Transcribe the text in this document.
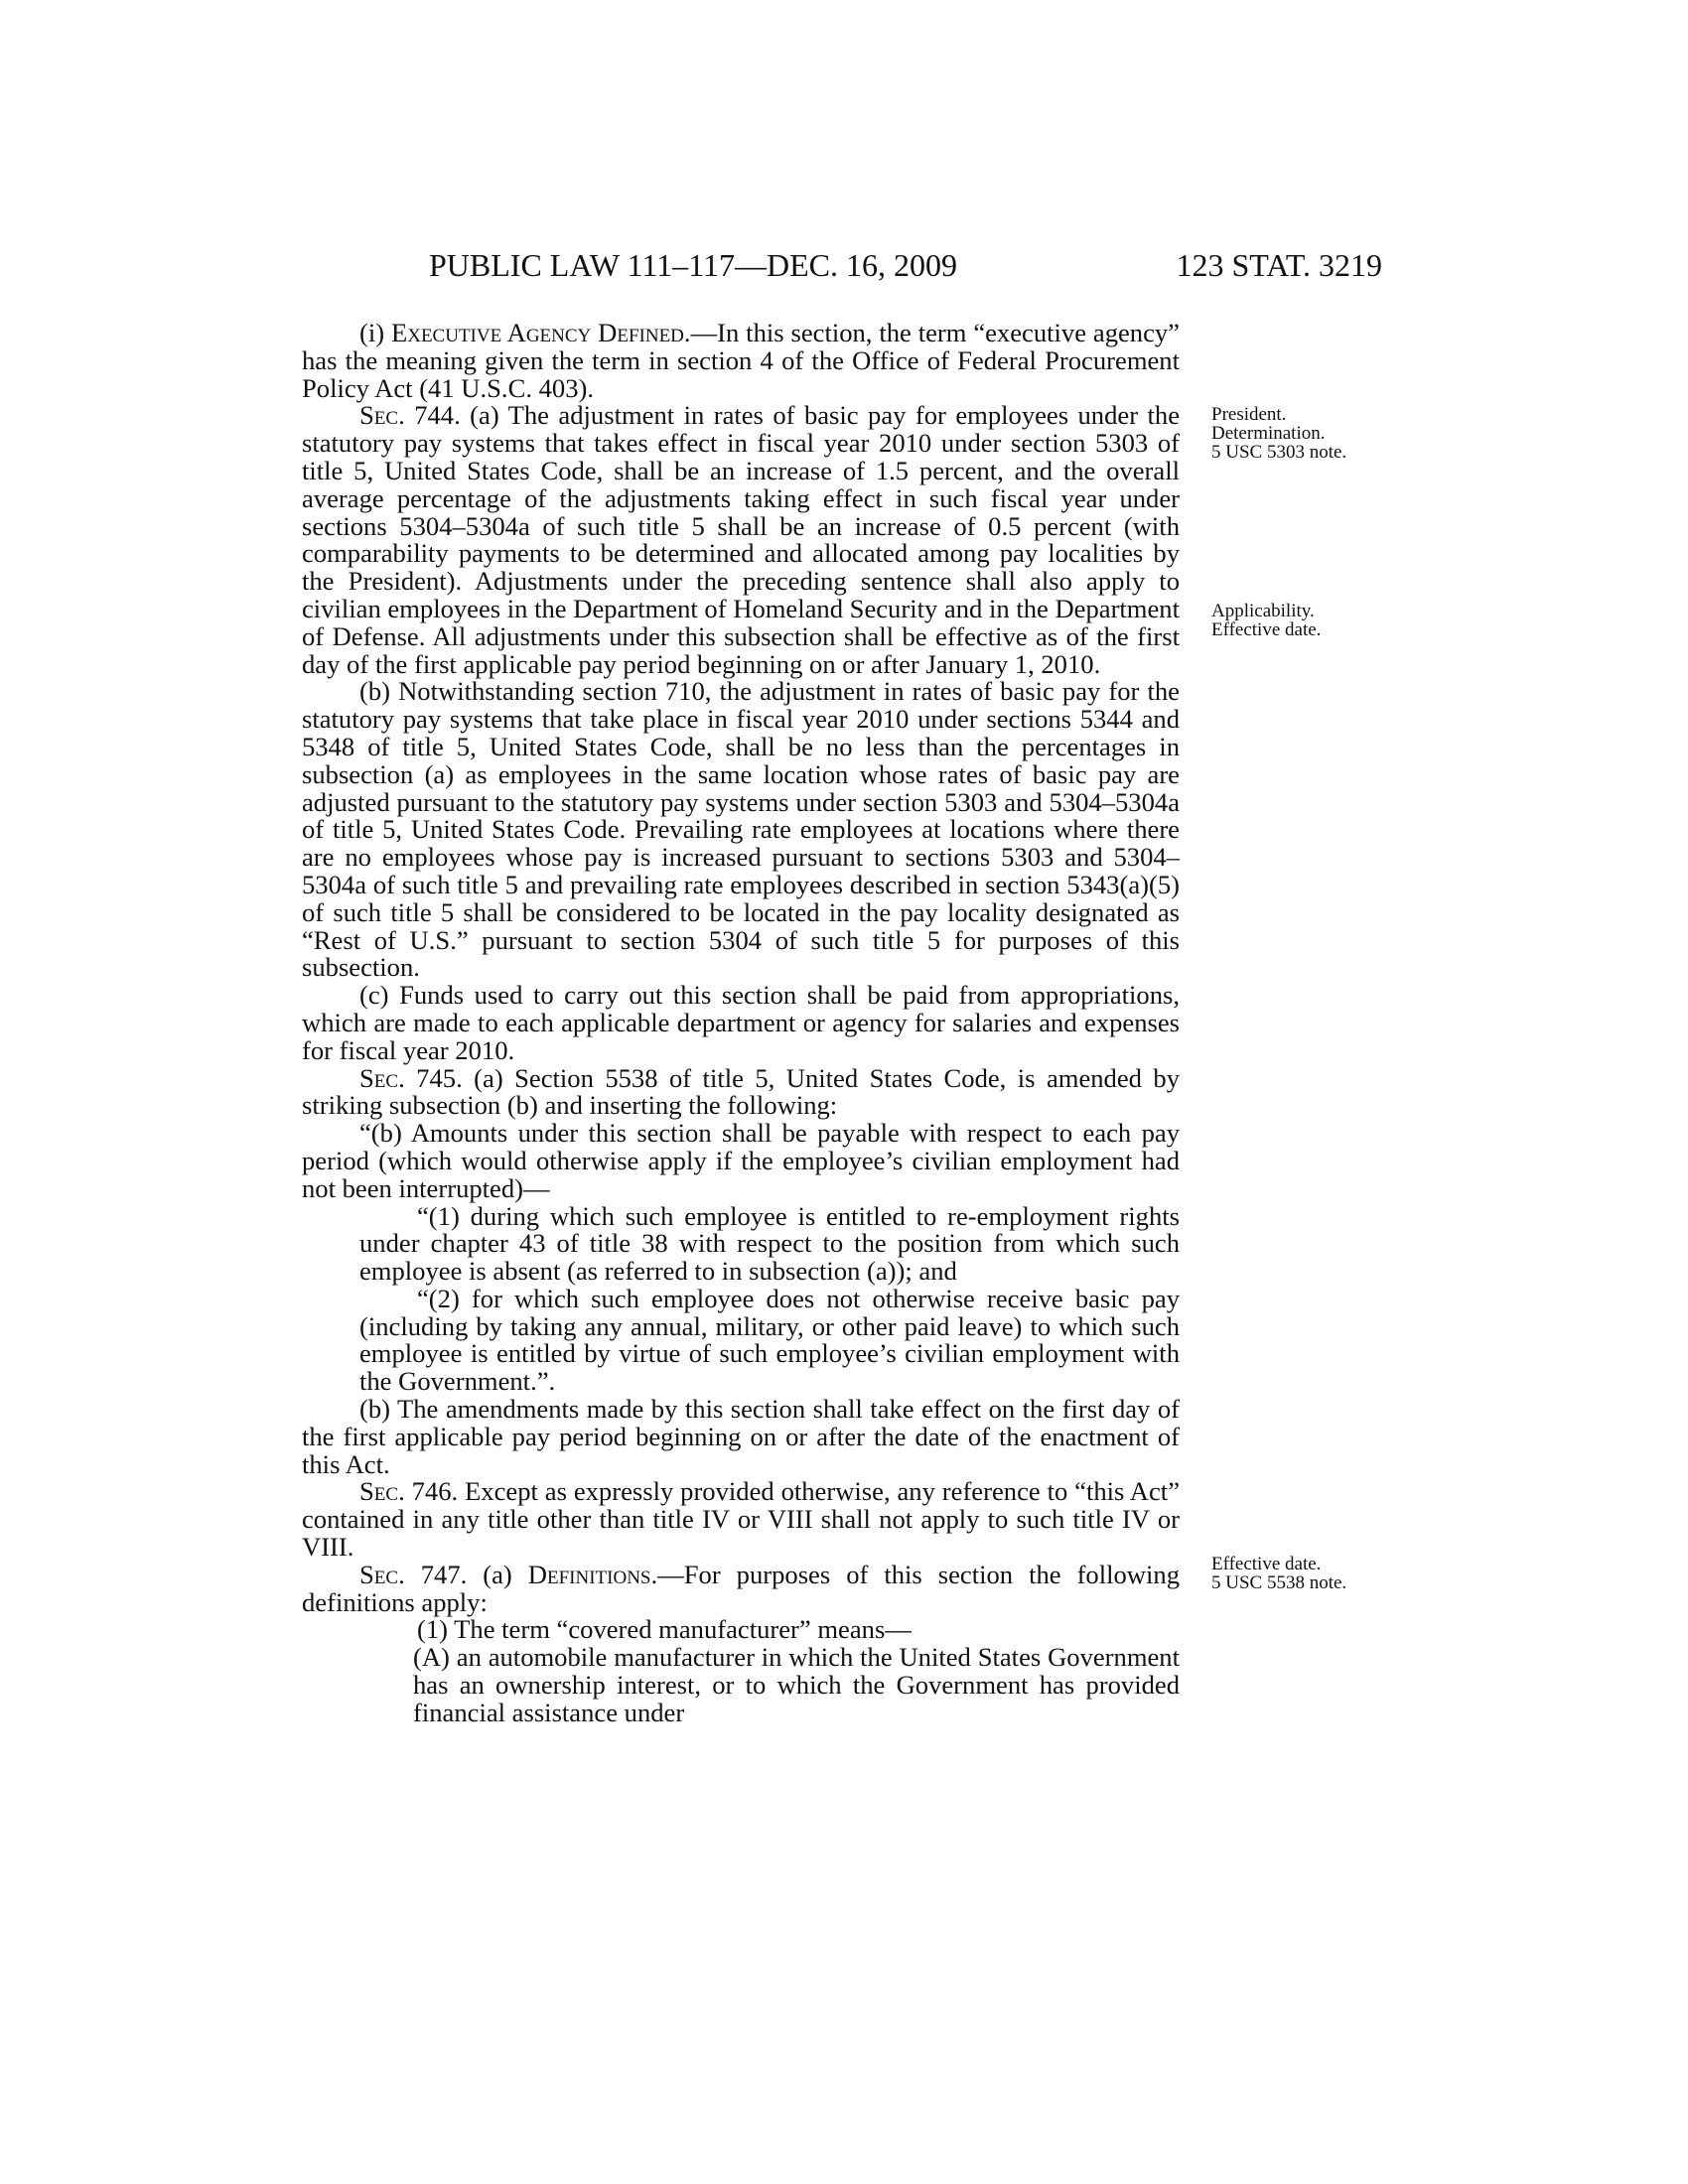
PUBLIC LAW 111–117—DEC. 16, 2009	123 STAT. 3219

(i) Executive Agency Defined.—In this section, the term “executive agency” has the meaning given the term in section 4 of the Office of Federal Procurement Policy Act (41 U.S.C. 403).

Sec. 744. (a) The adjustment in rates of basic pay for employees under the statutory pay systems that takes effect in fiscal year 2010 under section 5303 of title 5, United States Code, shall be an increase of 1.5 percent, and the overall average percentage of the adjustments taking effect in such fiscal year under sections 5304–5304a of such title 5 shall be an increase of 0.5 percent (with comparability payments to be determined and allocated among pay localities by the President). Adjustments under the preceding sentence shall also apply to civilian employees in the Department of Homeland Security and in the Department of Defense. All adjustments under this subsection shall be effective as of the first day of the first applicable pay period beginning on or after January 1, 2010.

(b) Notwithstanding section 710, the adjustment in rates of basic pay for the statutory pay systems that take place in fiscal year 2010 under sections 5344 and 5348 of title 5, United States Code, shall be no less than the percentages in subsection (a) as employees in the same location whose rates of basic pay are adjusted pursuant to the statutory pay systems under section 5303 and 5304–5304a of title 5, United States Code. Prevailing rate employees at locations where there are no employees whose pay is increased pursuant to sections 5303 and 5304–5304a of such title 5 and prevailing rate employees described in section 5343(a)(5) of such title 5 shall be considered to be located in the pay locality designated as “Rest of U.S.” pursuant to section 5304 of such title 5 for purposes of this subsection.

(c) Funds used to carry out this section shall be paid from appropriations, which are made to each applicable department or agency for salaries and expenses for fiscal year 2010.

Sec. 745. (a) Section 5538 of title 5, United States Code, is amended by striking subsection (b) and inserting the following:

“(b) Amounts under this section shall be payable with respect to each pay period (which would otherwise apply if the employee’s civilian employment had not been interrupted)—

“(1) during which such employee is entitled to re-employment rights under chapter 43 of title 38 with respect to the position from which such employee is absent (as referred to in subsection (a)); and

“(2) for which such employee does not otherwise receive basic pay (including by taking any annual, military, or other paid leave) to which such employee is entitled by virtue of such employee’s civilian employment with the Government.”.

(b) The amendments made by this section shall take effect on the first day of the first applicable pay period beginning on or after the date of the enactment of this Act.

Sec. 746. Except as expressly provided otherwise, any reference to “this Act” contained in any title other than title IV or VIII shall not apply to such title IV or VIII.

Sec. 747. (a) Definitions.—For purposes of this section the following definitions apply:

(1) The term “covered manufacturer” means—

(A) an automobile manufacturer in which the United States Government has an ownership interest, or to which the Government has provided financial assistance under

President.
Determination.
5 USC 5303 note.
Applicability.
Effective date.
Effective date.
5 USC 5538 note.
